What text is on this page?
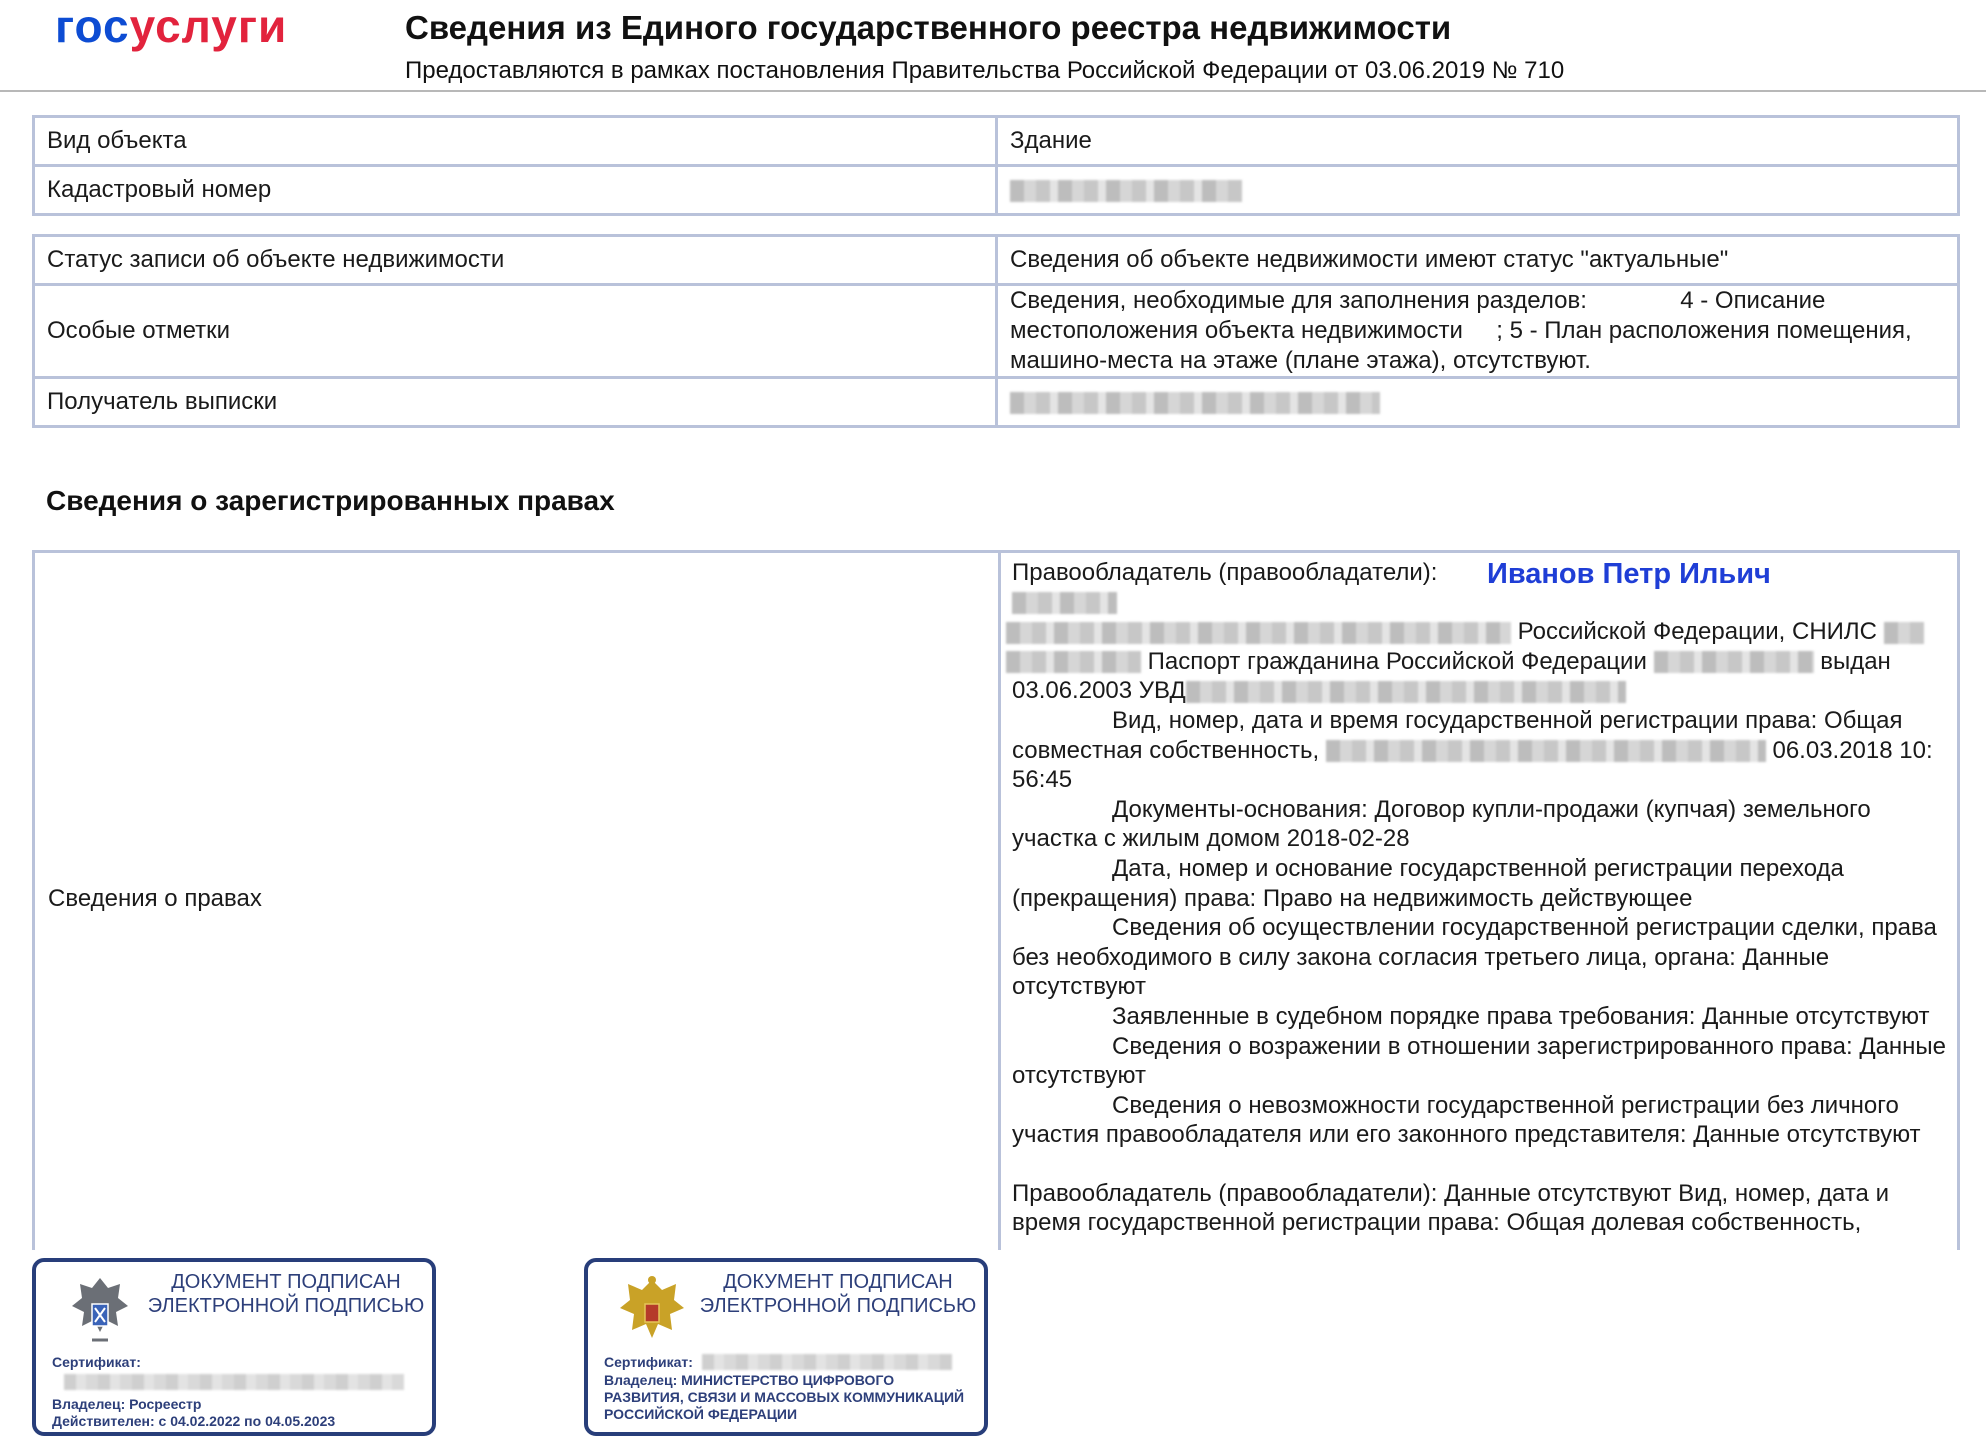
госуслуги	Сведения из Единого государственного реестра недвижимости
Предоставляются в рамках постановления Правительства Российской Федерации от 03.06.2019 № 710
Вид объекта	Здание
Кадастровый номер	
Статус записи об объекте недвижимости	Сведения об объекте недвижимости имеют статус "актуальные"
Особые отметки	Сведения, необходимые для заполнения разделов:              4 - Описание местоположения объекта недвижимости     ; 5 - План расположения помещения, машино-места на этаже (плане этажа), отсутствуют.
Получатель выписки	
Сведения о зарегистрированных правах
Сведения о правах

Правообладатель (правообладатели): Иванов Петр Ильич

Российской Федерации, СНИЛС

Паспорт гражданина Российской Федерации	выдан

03.06.2003 УВД

Вид, номер, дата и время государственной регистрации права: Общая совместная собственность,	06.03.2018 10:

56:45

Документы-основания: Договор купли-продажи (купчая) земельного участка с жилым домом 2018-02-28

Дата, номер и основание государственной регистрации перехода (прекращения) права: Право на недвижимость действующее

Сведения об осуществлении государственной регистрации сделки, права без необходимого в силу закона согласия третьего лица, органа: Данные отсутствуют

Заявленные в судебном порядке права требования: Данные отсутствуют

Сведения о возражении в отношении зарегистрированного права: Данные отсутствуют

Сведения о невозможности государственной регистрации без личного участия правообладателя или его законного представителя: Данные отсутствуют

Правообладатель (правообладатели): Данные отсутствуют Вид, номер, дата и время государственной регистрации права: Общая долевая собственность,

ДОКУМЕНТ ПОДПИСАН ЭЛЕКТРОННОЙ ПОДПИСЬЮ
Сертификат:
Владелец: Росреестр
Действителен: с 04.02.2022 по 04.05.2023
ДОКУМЕНТ ПОДПИСАН ЭЛЕКТРОННОЙ ПОДПИСЬЮ
Сертификат:
Владелец: МИНИСТЕРСТВО ЦИФРОВОГО РАЗВИТИЯ, СВЯЗИ И МАССОВЫХ КОММУНИКАЦИЙ РОССИЙСКОЙ ФЕДЕРАЦИИ
